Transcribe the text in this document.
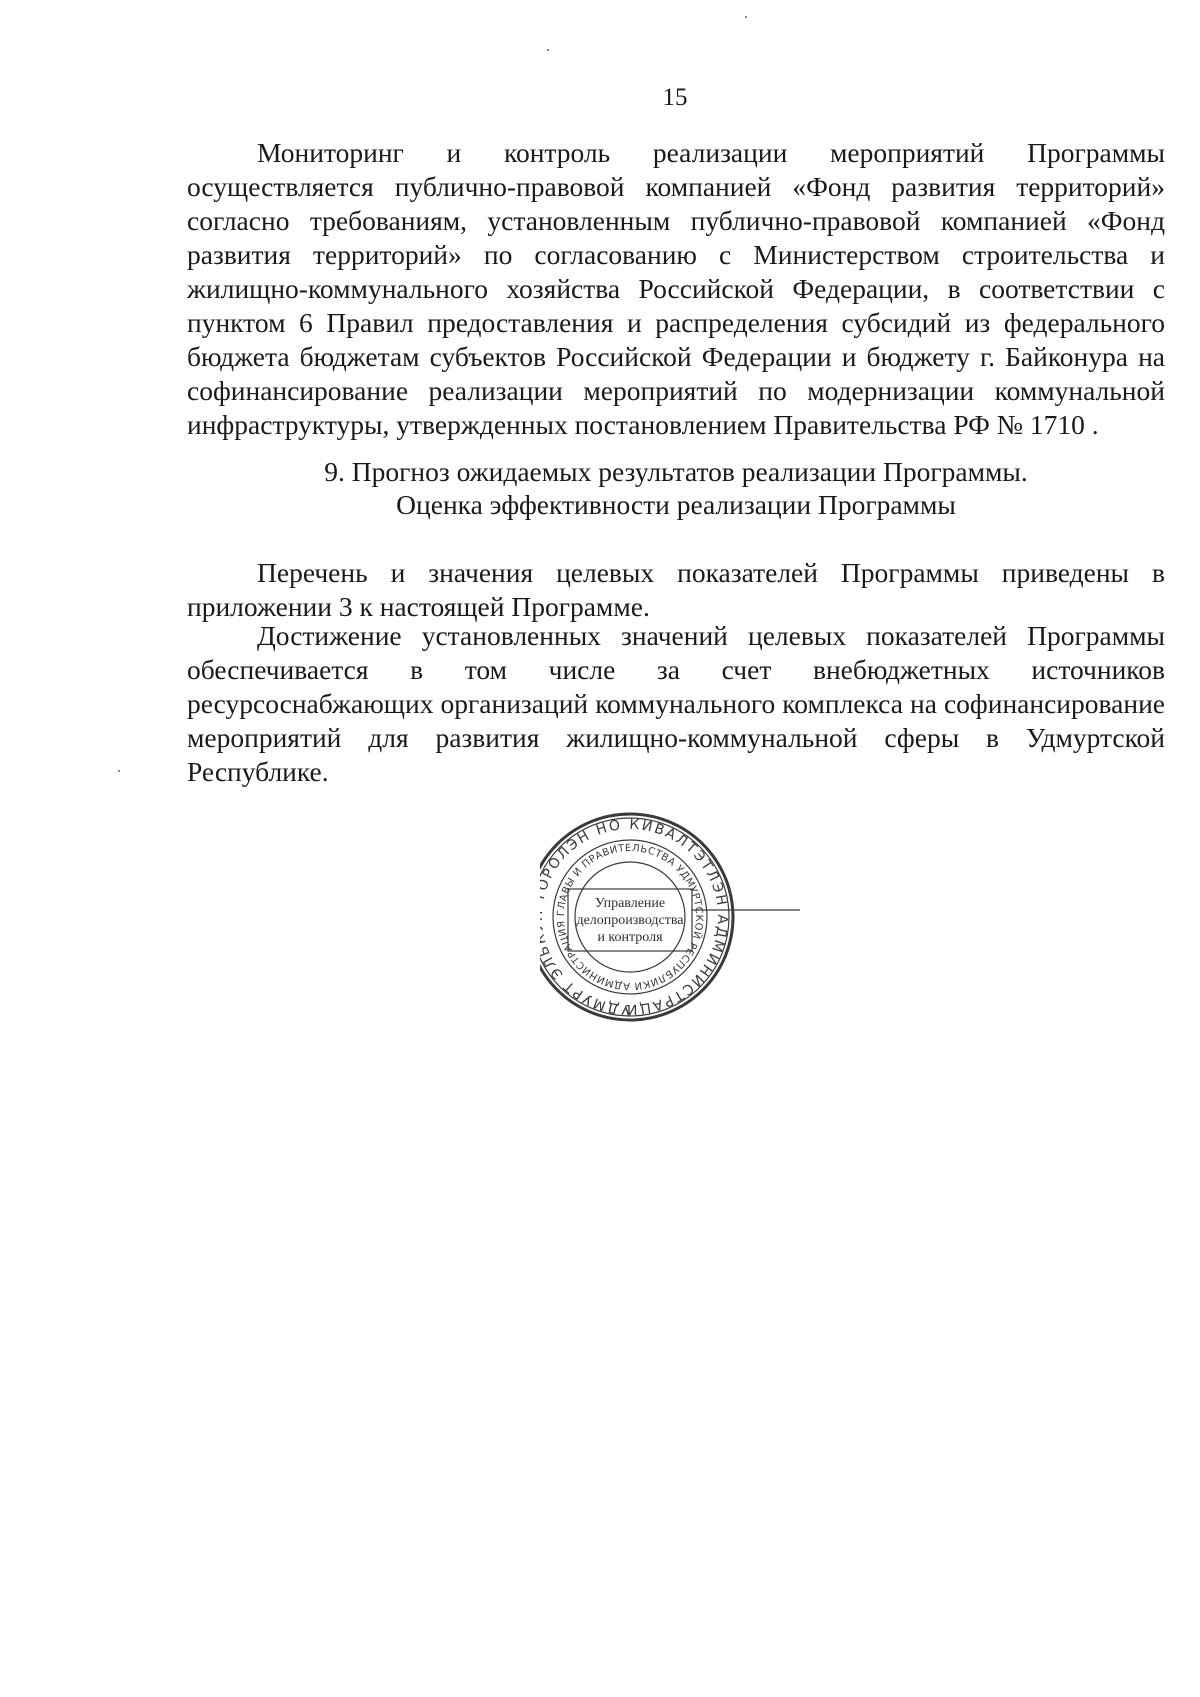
15
Мониторинг и контроль реализации мероприятий Программы осуществляется публично-правовой компанией «Фонд развития территорий» согласно требованиям, установленным публично-правовой компанией «Фонд развития территорий» по согласованию с Министерством строительства и жилищно-коммунального хозяйства Российской Федерации, в соответствии с пунктом 6 Правил предоставления и распределения субсидий из федерального бюджета бюджетам субъектов Российской Федерации и бюджету г. Байконура на софинансирование реализации мероприятий по модернизации коммунальной инфраструктуры, утвержденных постановлением Правительства РФ № 1710 .
9. Прогноз ожидаемых результатов реализации Программы.
Оценка эффективности реализации Программы
Перечень и значения целевых показателей Программы приведены в приложении 3 к настоящей Программе.
Достижение установленных значений целевых показателей Программы обеспечивается в том числе за счет внебюджетных источников ресурсоснабжающих организаций коммунального комплекса на софинансирование мероприятий для развития жилищно-коммунальной сферы в Удмуртской Республике.
УДМУРТ ЭЛ РОЛЭН НО КИВАЛТЭТЛЭН АДМИНИСТРАЦИ
АДМИНИСТРАЦИЯ ГЛАВЫ И ПРАВИТЕЛЬСТВА УДМУРТСКОЙ РЕСПУБЛИКИ
Управление
делопроизводства
и контроля
